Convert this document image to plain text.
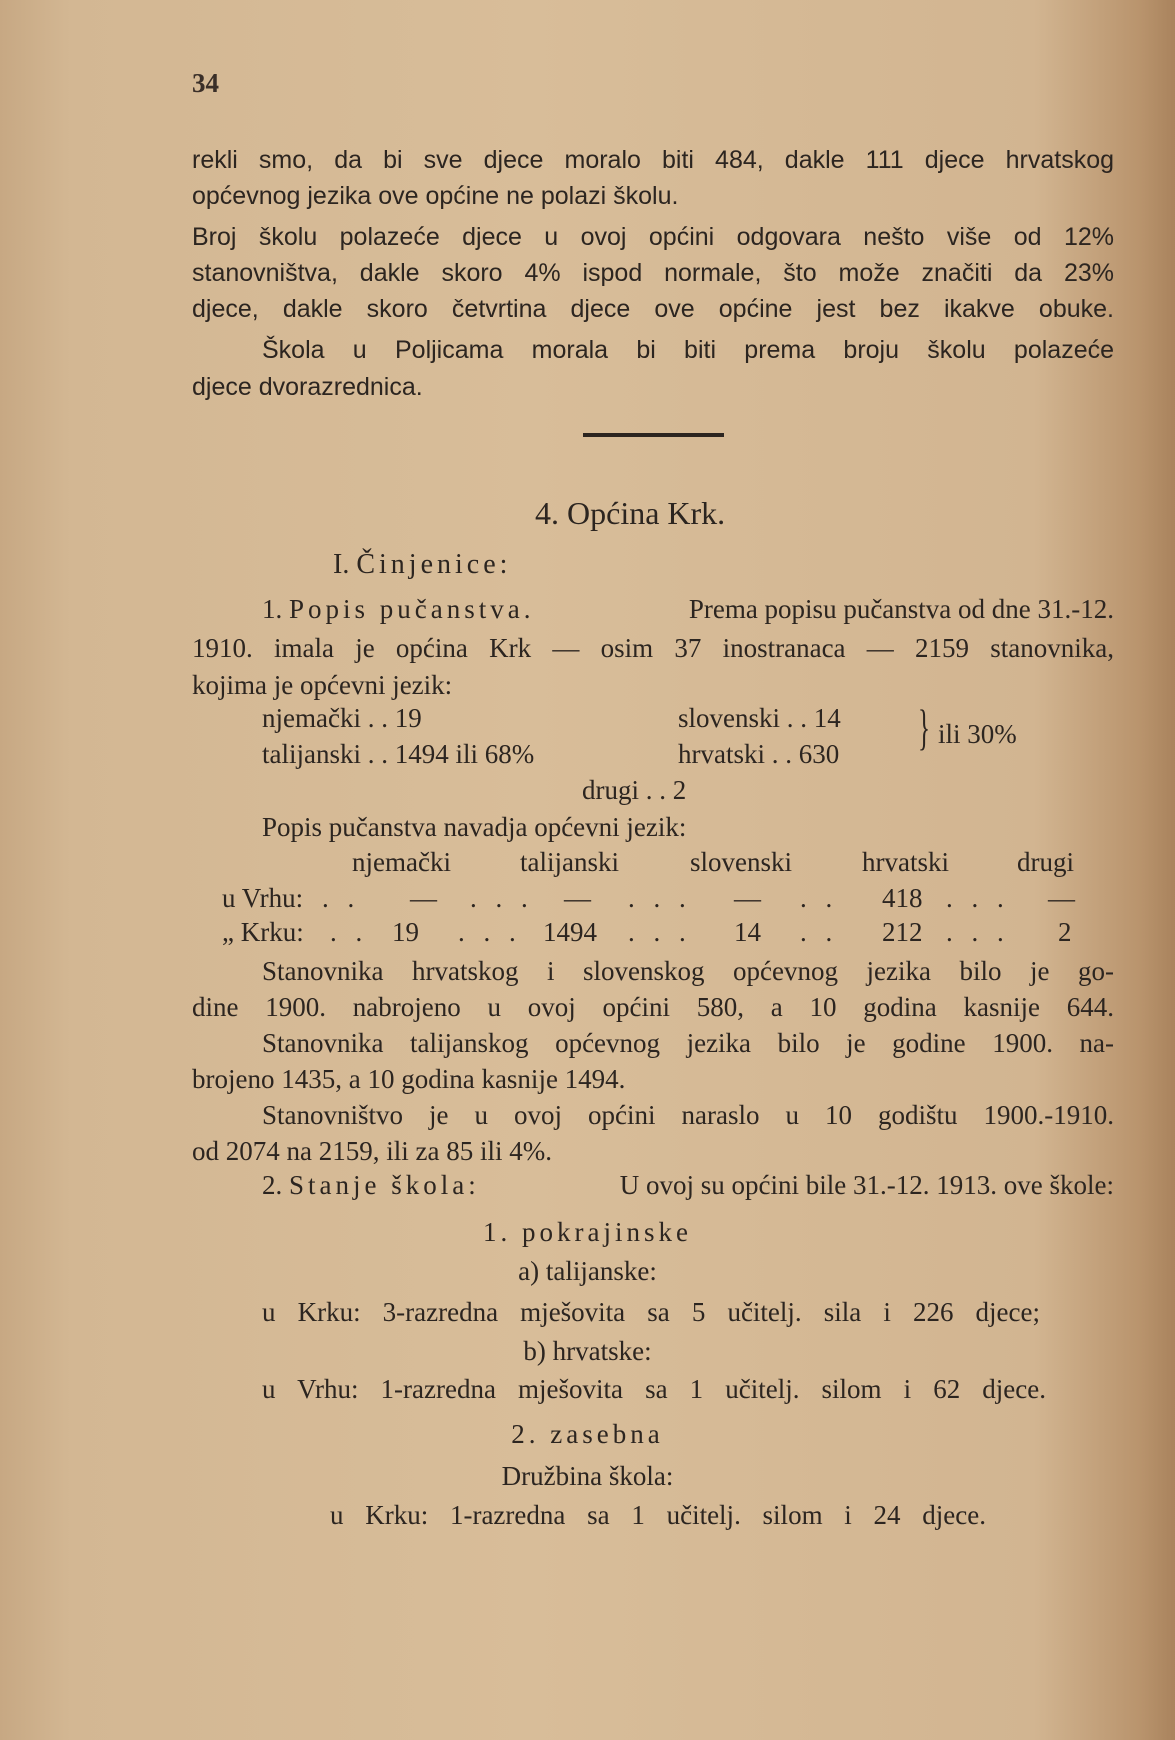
34
rekli smo, da bi sve djece moralo biti 484, dakle 111 djece hrvatskog
općevnog jezika ove općine ne polazi školu.
Broj školu polazeće djece u ovoj općini odgovara nešto više od 12%
stanovništva, dakle skoro 4% ispod normale, što može značiti da 23%
djece, dakle skoro četvrtina djece ove općine jest bez ikakve obuke.
Škola u Poljicama morala bi biti prema broju školu polazeće
djece dvorazrednica.
4. Općina Krk.
I. Činjenice:
1. Popis pučanstva.	Prema popisu pučanstva od dne 31.-12.
1910. imala je općina Krk — osim 37 inostranaca — 2159 stanovnika,
kojima je općevni jezik:
njemački . . 19	slovenski . . 14
talijanski . . 1494 ili 68%	hrvatski . . 630 } ili 30%
drugi . . 2
Popis pučanstva navadja općevni jezik:
njemački	talijanski	slovenski	hrvatski	drugi
u Vrhu: . . — . . . — . . . — . . 418 . . . —
„ Krku: . . 19 . . . 1494 . . . 14 . . 212 . . . 2
Stanovnika hrvatskog i slovenskog općevnog jezika bilo je go-
dine 1900. nabrojeno u ovoj općini 580, a 10 godina kasnije 644.
Stanovnika talijanskog općevnog jezika bilo je godine 1900. na-
brojeno 1435, a 10 godina kasnije 1494.
Stanovništvo je u ovoj općini naraslo u 10 godištu 1900.-1910.
od 2074 na 2159, ili za 85 ili 4%.
2. Stanje škola:	U ovoj su općini bile 31.-12. 1913. ove škole:
1. pokrajinske
a) talijanske:
u Krku: 3-razredna mješovita sa 5 učitelj. sila i 226 djece;
b) hrvatske:
u Vrhu: 1-razredna mješovita sa 1 učitelj. silom i 62 djece.
2. zasebna
Družbina škola:
u Krku: 1-razredna sa 1 učitelj. silom i 24 djece.
